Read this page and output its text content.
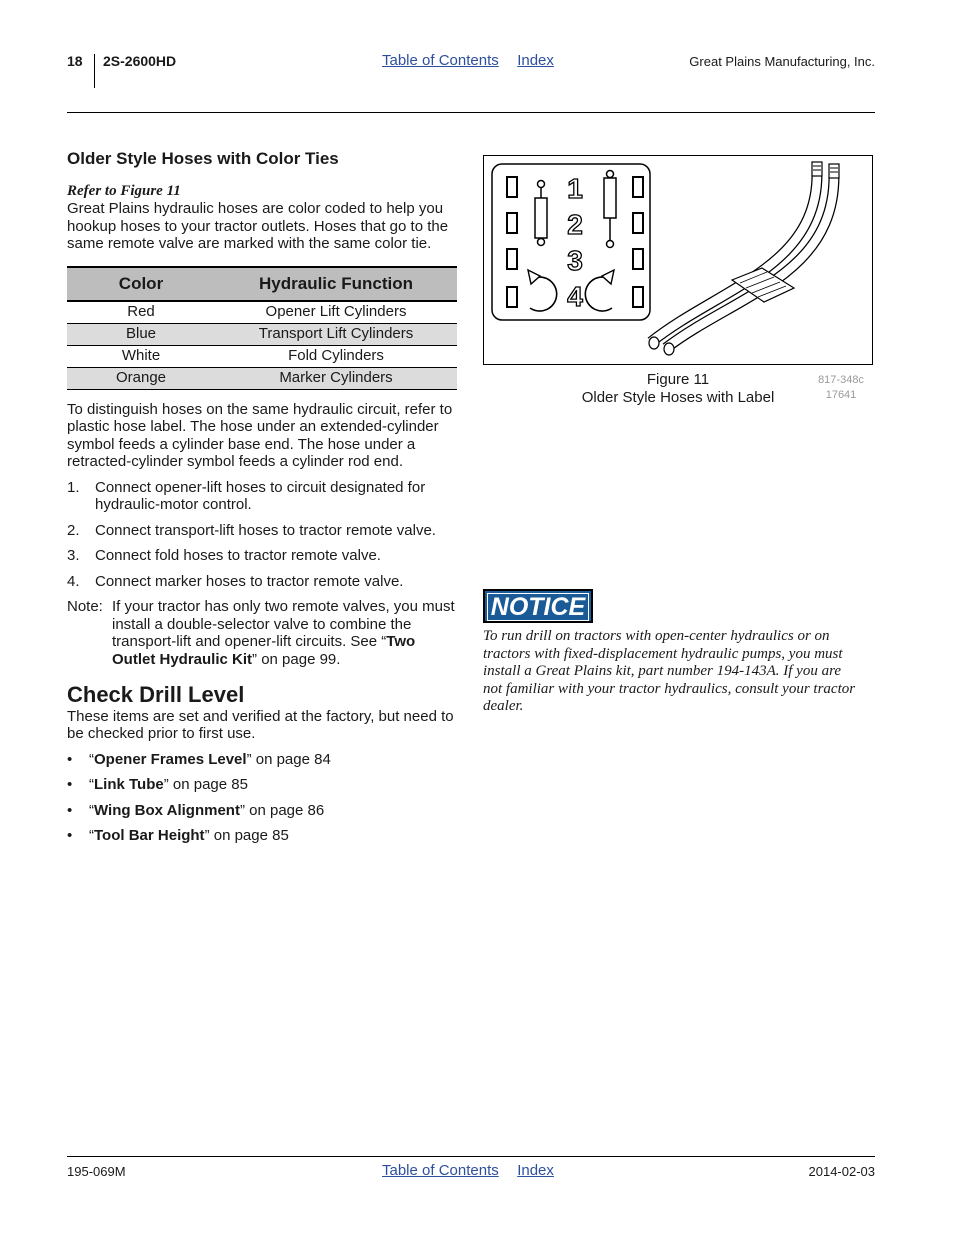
18 2S-2600HD	Table of Contents Index	Great Plains Manufacturing, Inc.
Older Style Hoses with Color Ties
Refer to Figure 11

Great Plains hydraulic hoses are color coded to help you hookup hoses to your tractor outlets. Hoses that go to the same remote valve are marked with the same color tie.

Color	Hydraulic Function
Red	Opener Lift Cylinders
Blue	Transport Lift Cylinders
White	Fold Cylinders
Orange	Marker Cylinders

To distinguish hoses on the same hydraulic circuit, refer to plastic hose label. The hose under an extended-cylinder symbol feeds a cylinder base end. The hose under a retracted-cylinder symbol feeds a cylinder rod end.

1. Connect opener-lift hoses to circuit designated for hydraulic-motor control.
2. Connect transport-lift hoses to tractor remote valve.
3. Connect fold hoses to tractor remote valve.
4. Connect marker hoses to tractor remote valve.
Note: If your tractor has only two remote valves, you must install a double-selector valve to combine the transport-lift and opener-lift circuits. See “Two Outlet Hydraulic Kit” on page 99.
Check Drill Level

These items are set and verified at the factory, but need to be checked prior to first use.

• “Opener Frames Level” on page 84
• “Link Tube” on page 85
• “Wing Box Alignment” on page 86
• “Tool Bar Height” on page 85
1
2
3
4
Figure 11
Older Style Hoses with Label
817-348c
17641
NOTICE
To run drill on tractors with open-center hydraulics or on tractors with fixed-displacement hydraulic pumps, you must install a Great Plains kit, part number 194-143A. If you are not familiar with your tractor hydraulics, consult your tractor dealer.
195-069M	Table of Contents Index	2014-02-03
